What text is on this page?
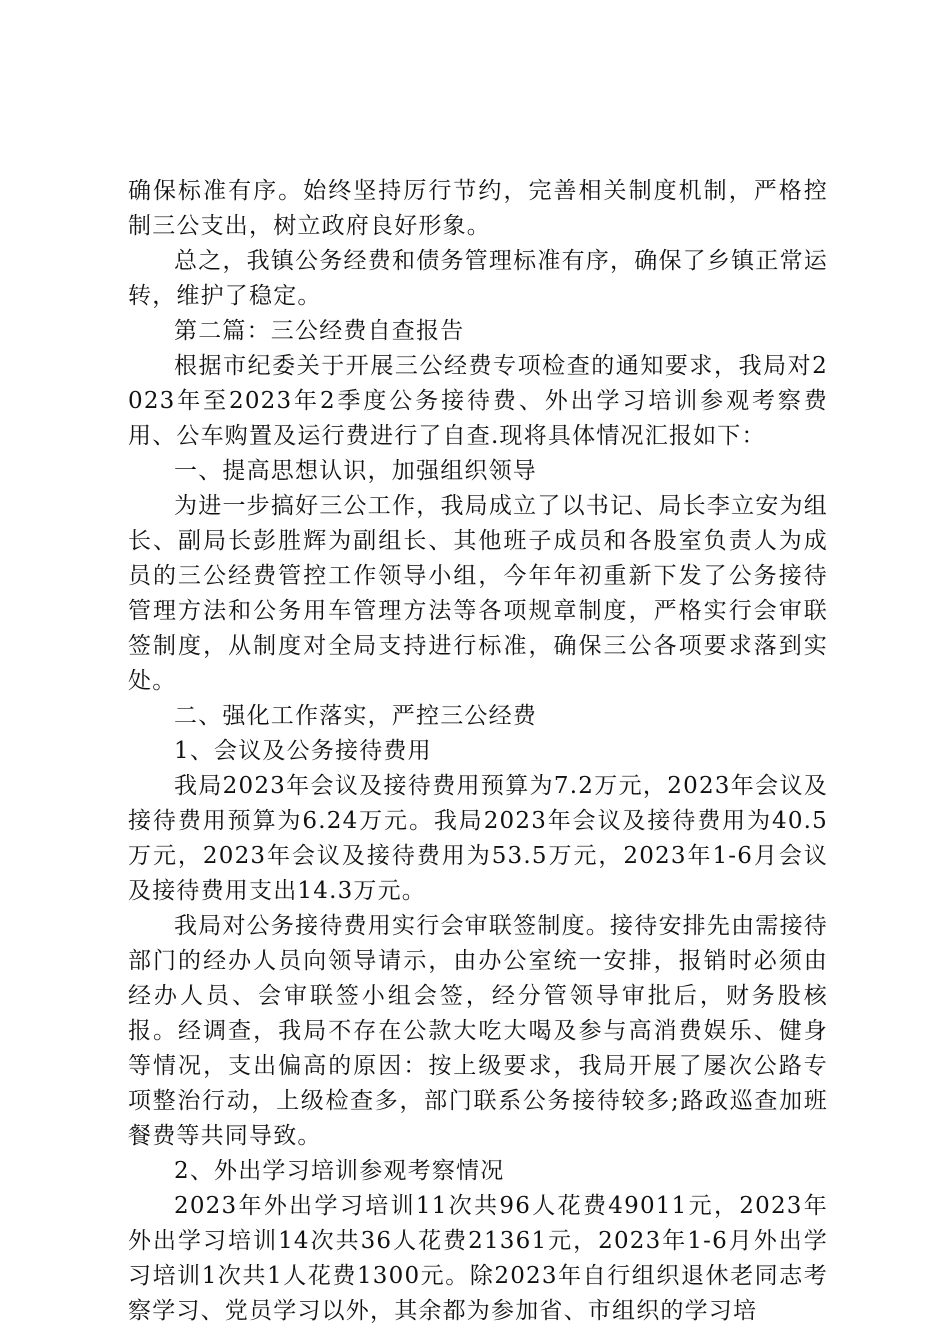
确保标准有序。始终坚持厉行节约，完善相关制度机制，严格控制三公支出，树立政府良好形象。

总之，我镇公务经费和债务管理标准有序，确保了乡镇正常运转，维护了稳定。

第二篇：三公经费自查报告

根据市纪委关于开展三公经费专项检查的通知要求，我局对2023年至2023年2季度公务接待费、外出学习培训参观考察费用、公车购置及运行费进行了自查.现将具体情况汇报如下：

一、提高思想认识，加强组织领导

为进一步搞好三公工作，我局成立了以书记、局长李立安为组长、副局长彭胜辉为副组长、其他班子成员和各股室负责人为成员的三公经费管控工作领导小组，今年年初重新下发了公务接待管理方法和公务用车管理方法等各项规章制度，严格实行会审联签制度，从制度对全局支持进行标准，确保三公各项要求落到实处。

二、强化工作落实，严控三公经费

1、会议及公务接待费用

我局2023年会议及接待费用预算为7.2万元，2023年会议及接待费用预算为6.24万元。我局2023年会议及接待费用为40.5万元，2023年会议及接待费用为53.5万元，2023年1-6月会议及接待费用支出14.3万元。

我局对公务接待费用实行会审联签制度。接待安排先由需接待部门的经办人员向领导请示，由办公室统一安排，报销时必须由经办人员、会审联签小组会签，经分管领导审批后，财务股核报。经调查，我局不存在公款大吃大喝及参与高消费娱乐、健身等情况，支出偏高的原因：按上级要求，我局开展了屡次公路专项整治行动，上级检查多，部门联系公务接待较多;路政巡查加班餐费等共同导致。

2、外出学习培训参观考察情况

2023年外出学习培训11次共96人花费49011元，2023年外出学习培训14次共36人花费21361元，2023年1-6月外出学习培训1次共1人花费1300元。除2023年自行组织退休老同志考察学习、党员学习以外，其余都为参加省、市组织的学习培
